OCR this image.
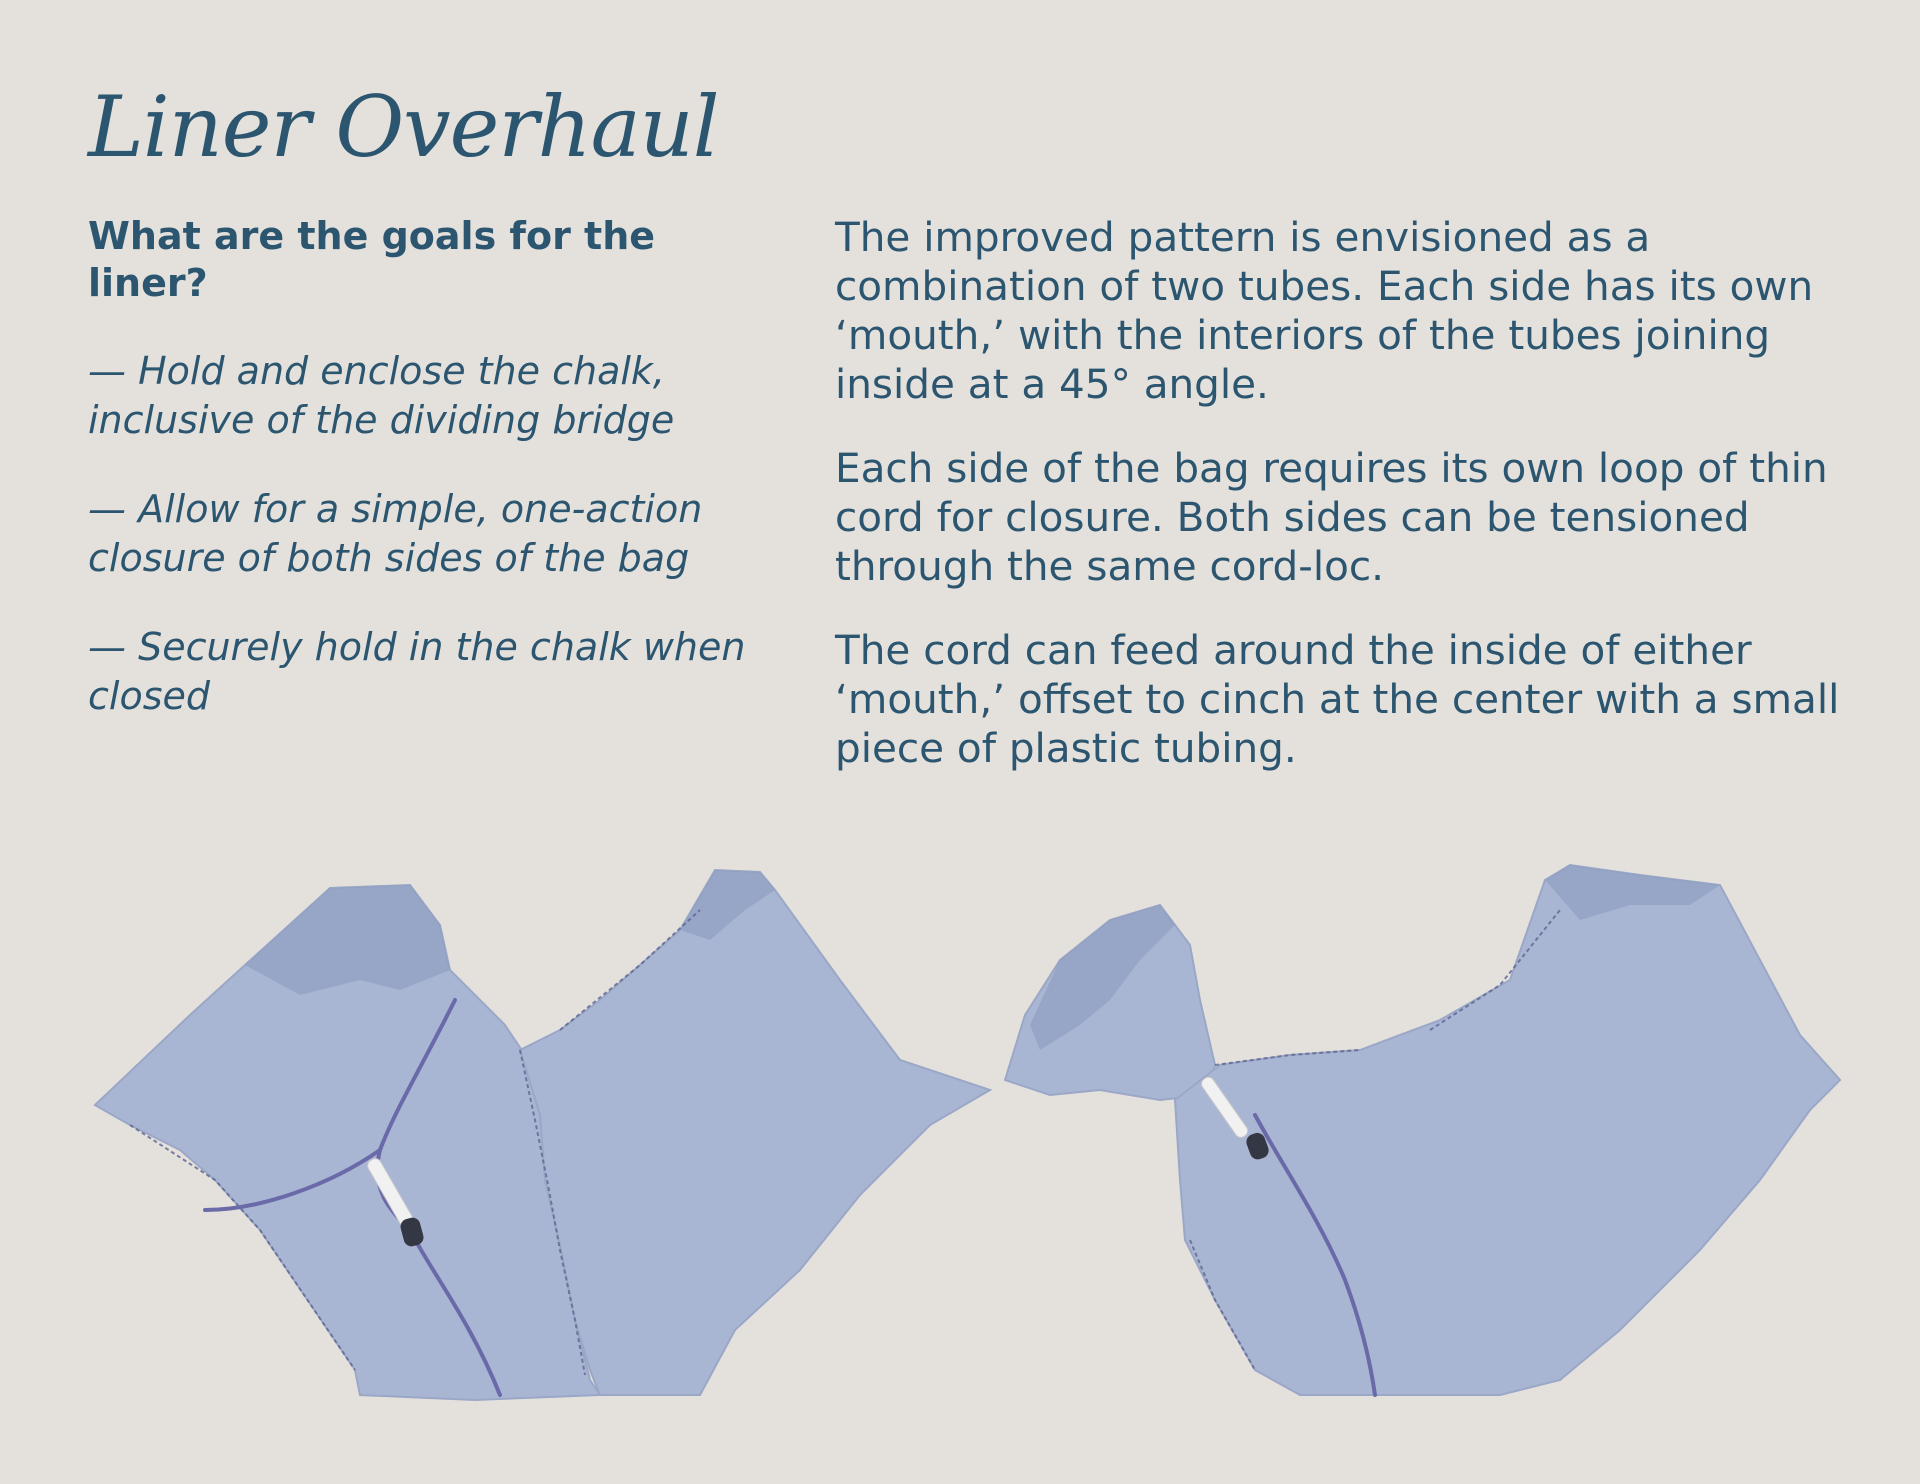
Liner Overhaul

What are the goals for the liner?

— Hold and enclose the chalk, inclusive of the dividing bridge

— Allow for a simple, one-action closure of both sides of the bag

— Securely hold in the chalk when closed

The improved pattern is envisioned as a combination of two tubes. Each side has its own ‘mouth,’ with the interiors of the tubes joining inside at a 45° angle.

Each side of the bag requires its own loop of thin cord for closure. Both sides can be tensioned through the same cord-loc.

The cord can feed around the inside of either ‘mouth,’ offset to cinch at the center with a small piece of plastic tubing.
